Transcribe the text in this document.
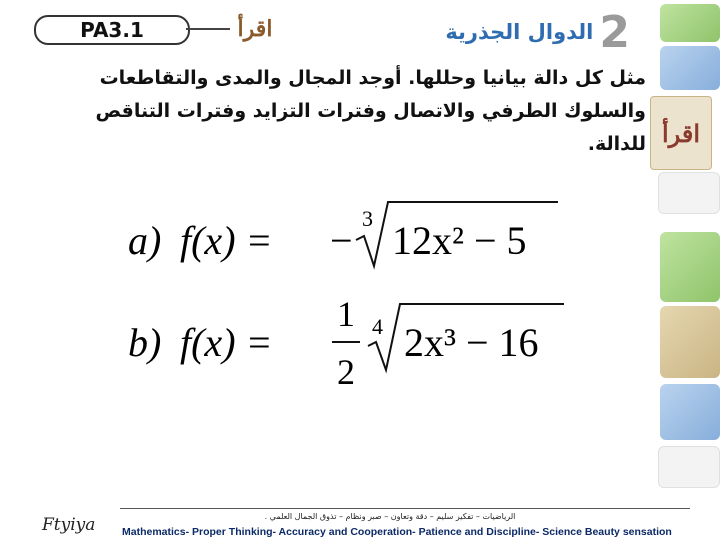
اقرأ
PA3.1	اقرأ	2
الدوال الجذرية
مثل كل دالة بيانيا وحللها. أوجد المجال والمدى والتقاطعات والسلوك الطرفي والاتصال وفترات التزايد وفترات التناقص للدالة.
a) f(x) = − 3 12x² − 5
b) f(x) =
1
2
4 2x³ − 16
Ftyiya	الرياضيات – تفكير سليم – دقة وتعاون – صبر ونظام – تذوق الجمال العلمي .
Mathematics- Proper Thinking- Accuracy and Cooperation- Patience and Discipline- Science Beauty sensation
